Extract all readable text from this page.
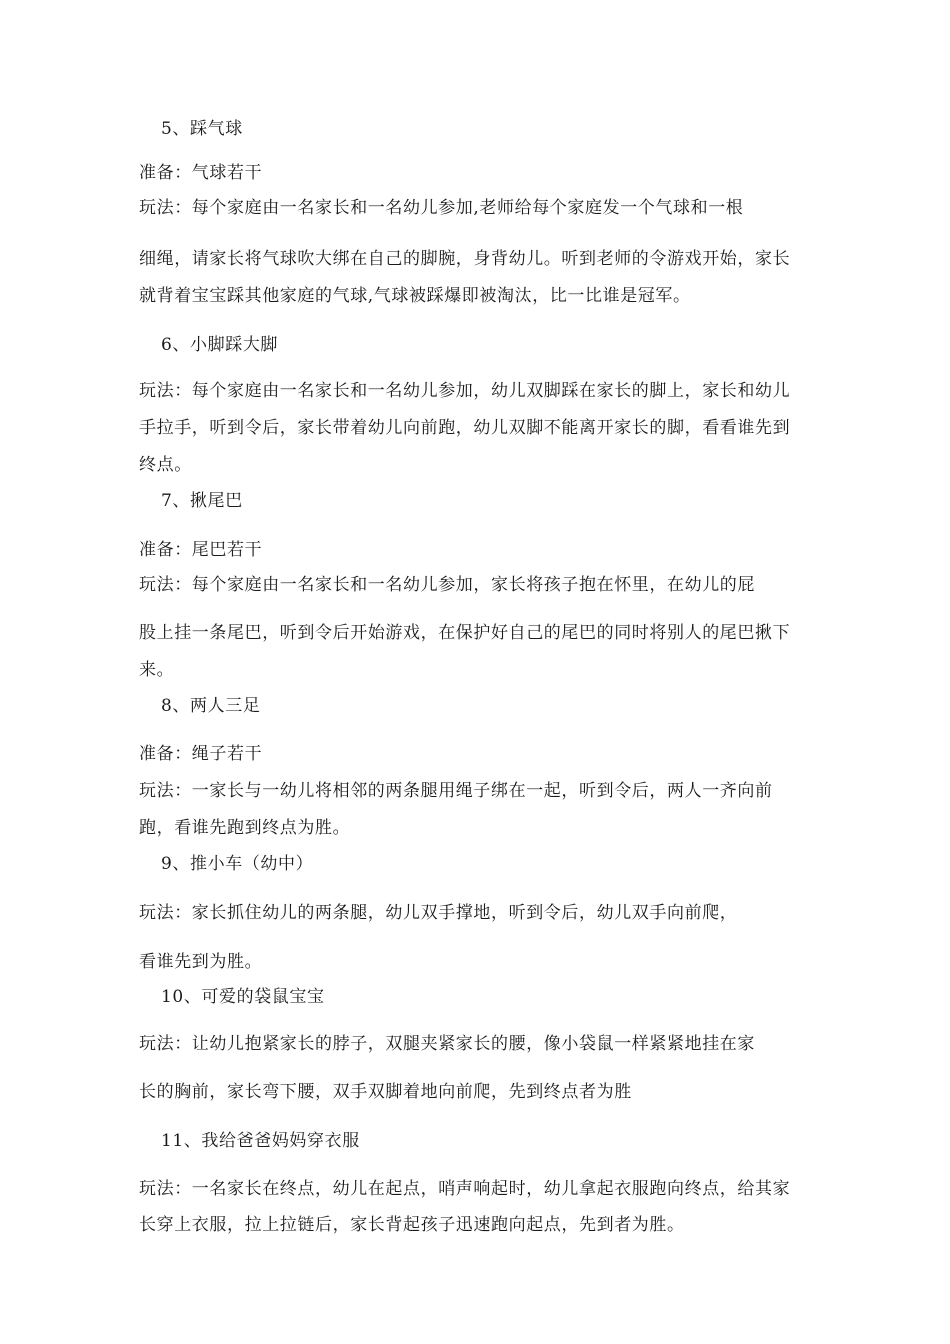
5、踩气球
准备：气球若干
玩法：每个家庭由一名家长和一名幼儿参加,老师给每个家庭发一个气球和一根
细绳，请家长将气球吹大绑在自己的脚腕，身背幼儿。听到老师的令游戏开始，家长
就背着宝宝踩其他家庭的气球,气球被踩爆即被淘汰，比一比谁是冠军。
6、小脚踩大脚
玩法：每个家庭由一名家长和一名幼儿参加，幼儿双脚踩在家长的脚上，家长和幼儿
手拉手，听到令后，家长带着幼儿向前跑，幼儿双脚不能离开家长的脚，看看谁先到
终点。
7、揪尾巴
准备：尾巴若干
玩法：每个家庭由一名家长和一名幼儿参加，家长将孩子抱在怀里，在幼儿的屁
股上挂一条尾巴，听到令后开始游戏，在保护好自己的尾巴的同时将别人的尾巴揪下
来。
8、两人三足
准备：绳子若干
玩法：一家长与一幼儿将相邻的两条腿用绳子绑在一起，听到令后，两人一齐向前
跑，看谁先跑到终点为胜。
9、推小车（幼中）
玩法：家长抓住幼儿的两条腿，幼儿双手撑地，听到令后，幼儿双手向前爬，
看谁先到为胜。
10、可爱的袋鼠宝宝
玩法：让幼儿抱紧家长的脖子，双腿夹紧家长的腰，像小袋鼠一样紧紧地挂在家
长的胸前，家长弯下腰，双手双脚着地向前爬，先到终点者为胜
11、我给爸爸妈妈穿衣服
玩法：一名家长在终点，幼儿在起点，哨声响起时，幼儿拿起衣服跑向终点，给其家
长穿上衣服，拉上拉链后，家长背起孩子迅速跑向起点，先到者为胜。
